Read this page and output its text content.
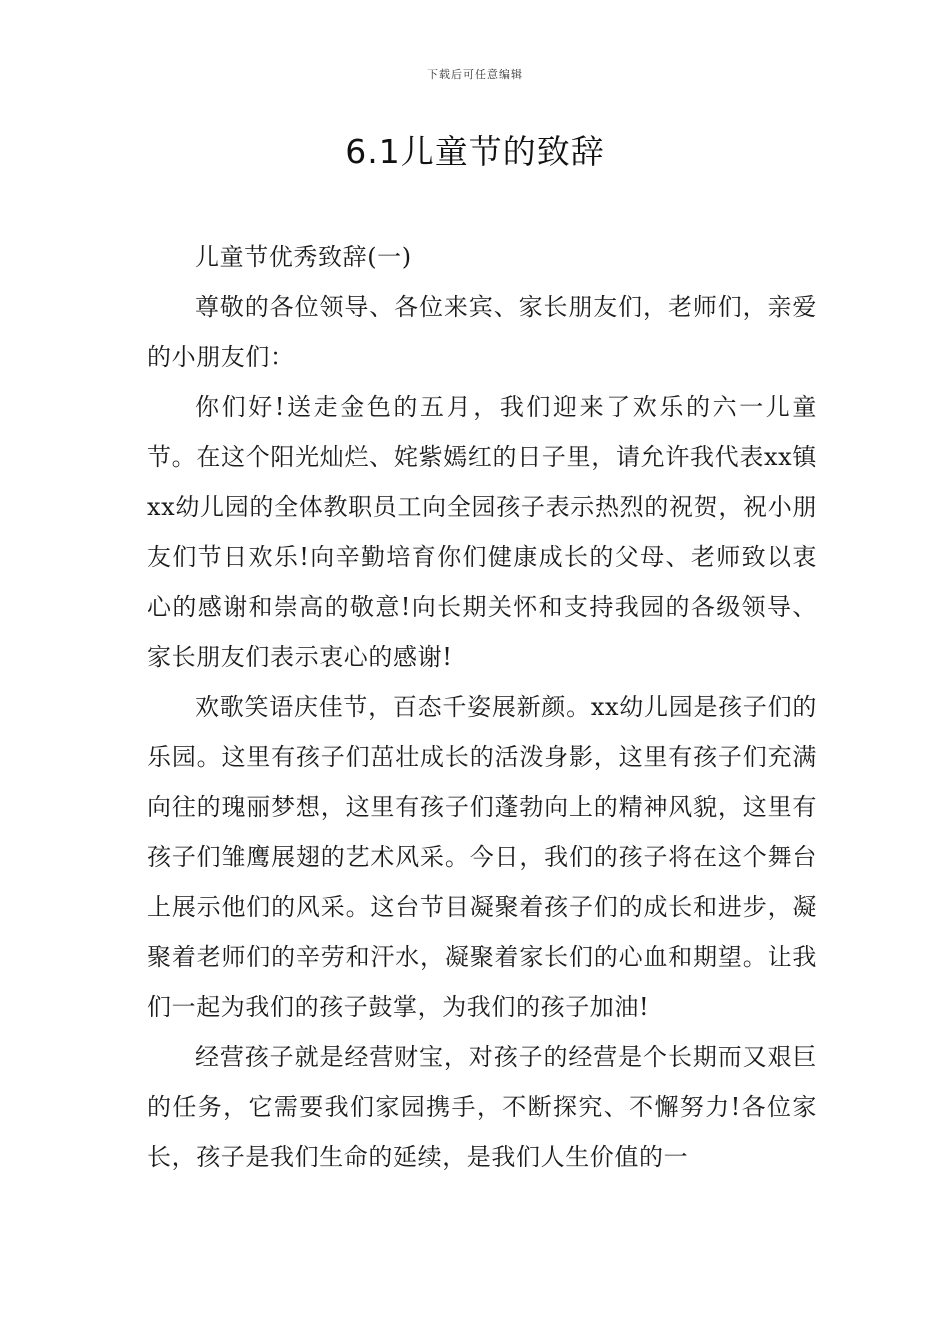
下载后可任意编辑
6.1儿童节的致辞

儿童节优秀致辞(一)

尊敬的各位领导、各位来宾、家长朋友们，老师们，亲爱的小朋友们：

你们好!送走金色的五月，我们迎来了欢乐的六一儿童节。在这个阳光灿烂、姹紫嫣红的日子里，请允许我代表xx镇xx幼儿园的全体教职员工向全园孩子表示热烈的祝贺，祝小朋友们节日欢乐!向辛勤培育你们健康成长的父母、老师致以衷心的感谢和崇高的敬意!向长期关怀和支持我园的各级领导、家长朋友们表示衷心的感谢!

欢歌笑语庆佳节，百态千姿展新颜。xx幼儿园是孩子们的乐园。这里有孩子们茁壮成长的活泼身影，这里有孩子们充满向往的瑰丽梦想，这里有孩子们蓬勃向上的精神风貌，这里有孩子们雏鹰展翅的艺术风采。今日，我们的孩子将在这个舞台上展示他们的风采。这台节目凝聚着孩子们的成长和进步，凝聚着老师们的辛劳和汗水，凝聚着家长们的心血和期望。让我们一起为我们的孩子鼓掌，为我们的孩子加油!

经营孩子就是经营财宝，对孩子的经营是个长期而又艰巨的任务，它需要我们家园携手，不断探究、不懈努力!各位家长，孩子是我们生命的延续，是我们人生价值的一
